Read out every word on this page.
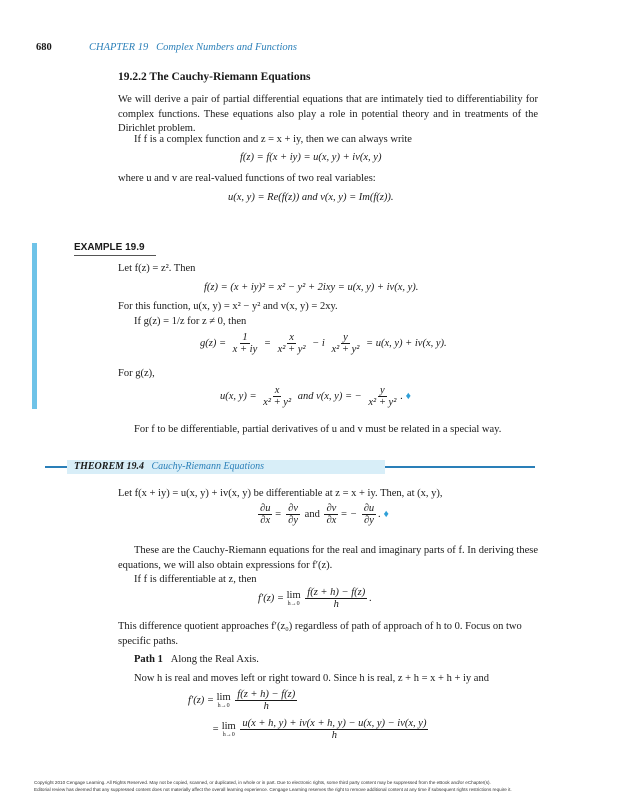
680	CHAPTER 19 Complex Numbers and Functions
19.2.2 The Cauchy-Riemann Equations
We will derive a pair of partial differential equations that are intimately tied to differentiability for complex functions. These equations also play a role in potential theory and in treatments of the Dirichlet problem.
If f is a complex function and z = x + iy, then we can always write
f(z) = f(x + iy) = u(x, y) + iv(x, y)
where u and v are real-valued functions of two real variables:
u(x, y) = Re(f(z)) and v(x, y) = Im(f(z)).
EXAMPLE 19.9
Let f(z) = z². Then
f(z) = (x + iy)² = x² − y² + 2ixy = u(x, y) + iv(x, y).
For this function, u(x, y) = x² − y² and v(x, y) = 2xy.
If g(z) = 1/z for z ≠ 0, then
$g(z) = \frac{1}{x + iy} = \frac{x}{\text{x² + y²}} - i \frac{y}{\text{x² + y²}} = u(x$, y) + iv(x, y).
For g(z),
u(x, $y) = \frac{x}{\text{x² + y²}}$ and v(x, y) = − $\frac{y}{\text{x² + y²}}$ . ♦
For f to be differentiable, partial derivatives of u and v must be related in a special way.
THEOREM 19.4 Cauchy-Riemann Equations
Let f(x + iy) = u(x, y) + iv(x, y) be differentiable at z = x + iy. Then, at (x, y),
$\frac{\partial u}{\partial x} = \frac{\partial v}{\partial y}$ and $\frac{\partial v}{\partial x}$ = − $\frac{\partial u}{\partial y}$ . ♦
These are the Cauchy-Riemann equations for the real and imaginary parts of f. In deriving these equations, we will also obtain expressions for f′(z).
If f is differentiable at z, then
f′(z) = lim
h→0
$\frac{f(z + h) - f(z)}{h}$ .
This difference quotient approaches f′(z₀) regardless of path of approach of h to 0. Focus on two specific paths.
Path 1 Along the Real Axis.
Now h is real and moves left or right toward 0. Since h is real, z + h = x + h + iy and
f′(z) = lim
h→0
$\frac{f(z + h) - f(z)}{h}$
= lim
h→0
$\frac{u(x + h, y) + iv(x + h, y) - u(x, y) - iv(x, y)}{h}$
Copyright 2010 Cengage Learning. All Rights Reserved. May not be copied, scanned, or duplicated, in whole or in part. Due to electronic rights, some third party content may be suppressed from the eBook and/or eChapter(s).
Editorial review has deemed that any suppressed content does not materially affect the overall learning experience. Cengage Learning reserves the right to remove additional content at any time if subsequent rights restrictions require it.
